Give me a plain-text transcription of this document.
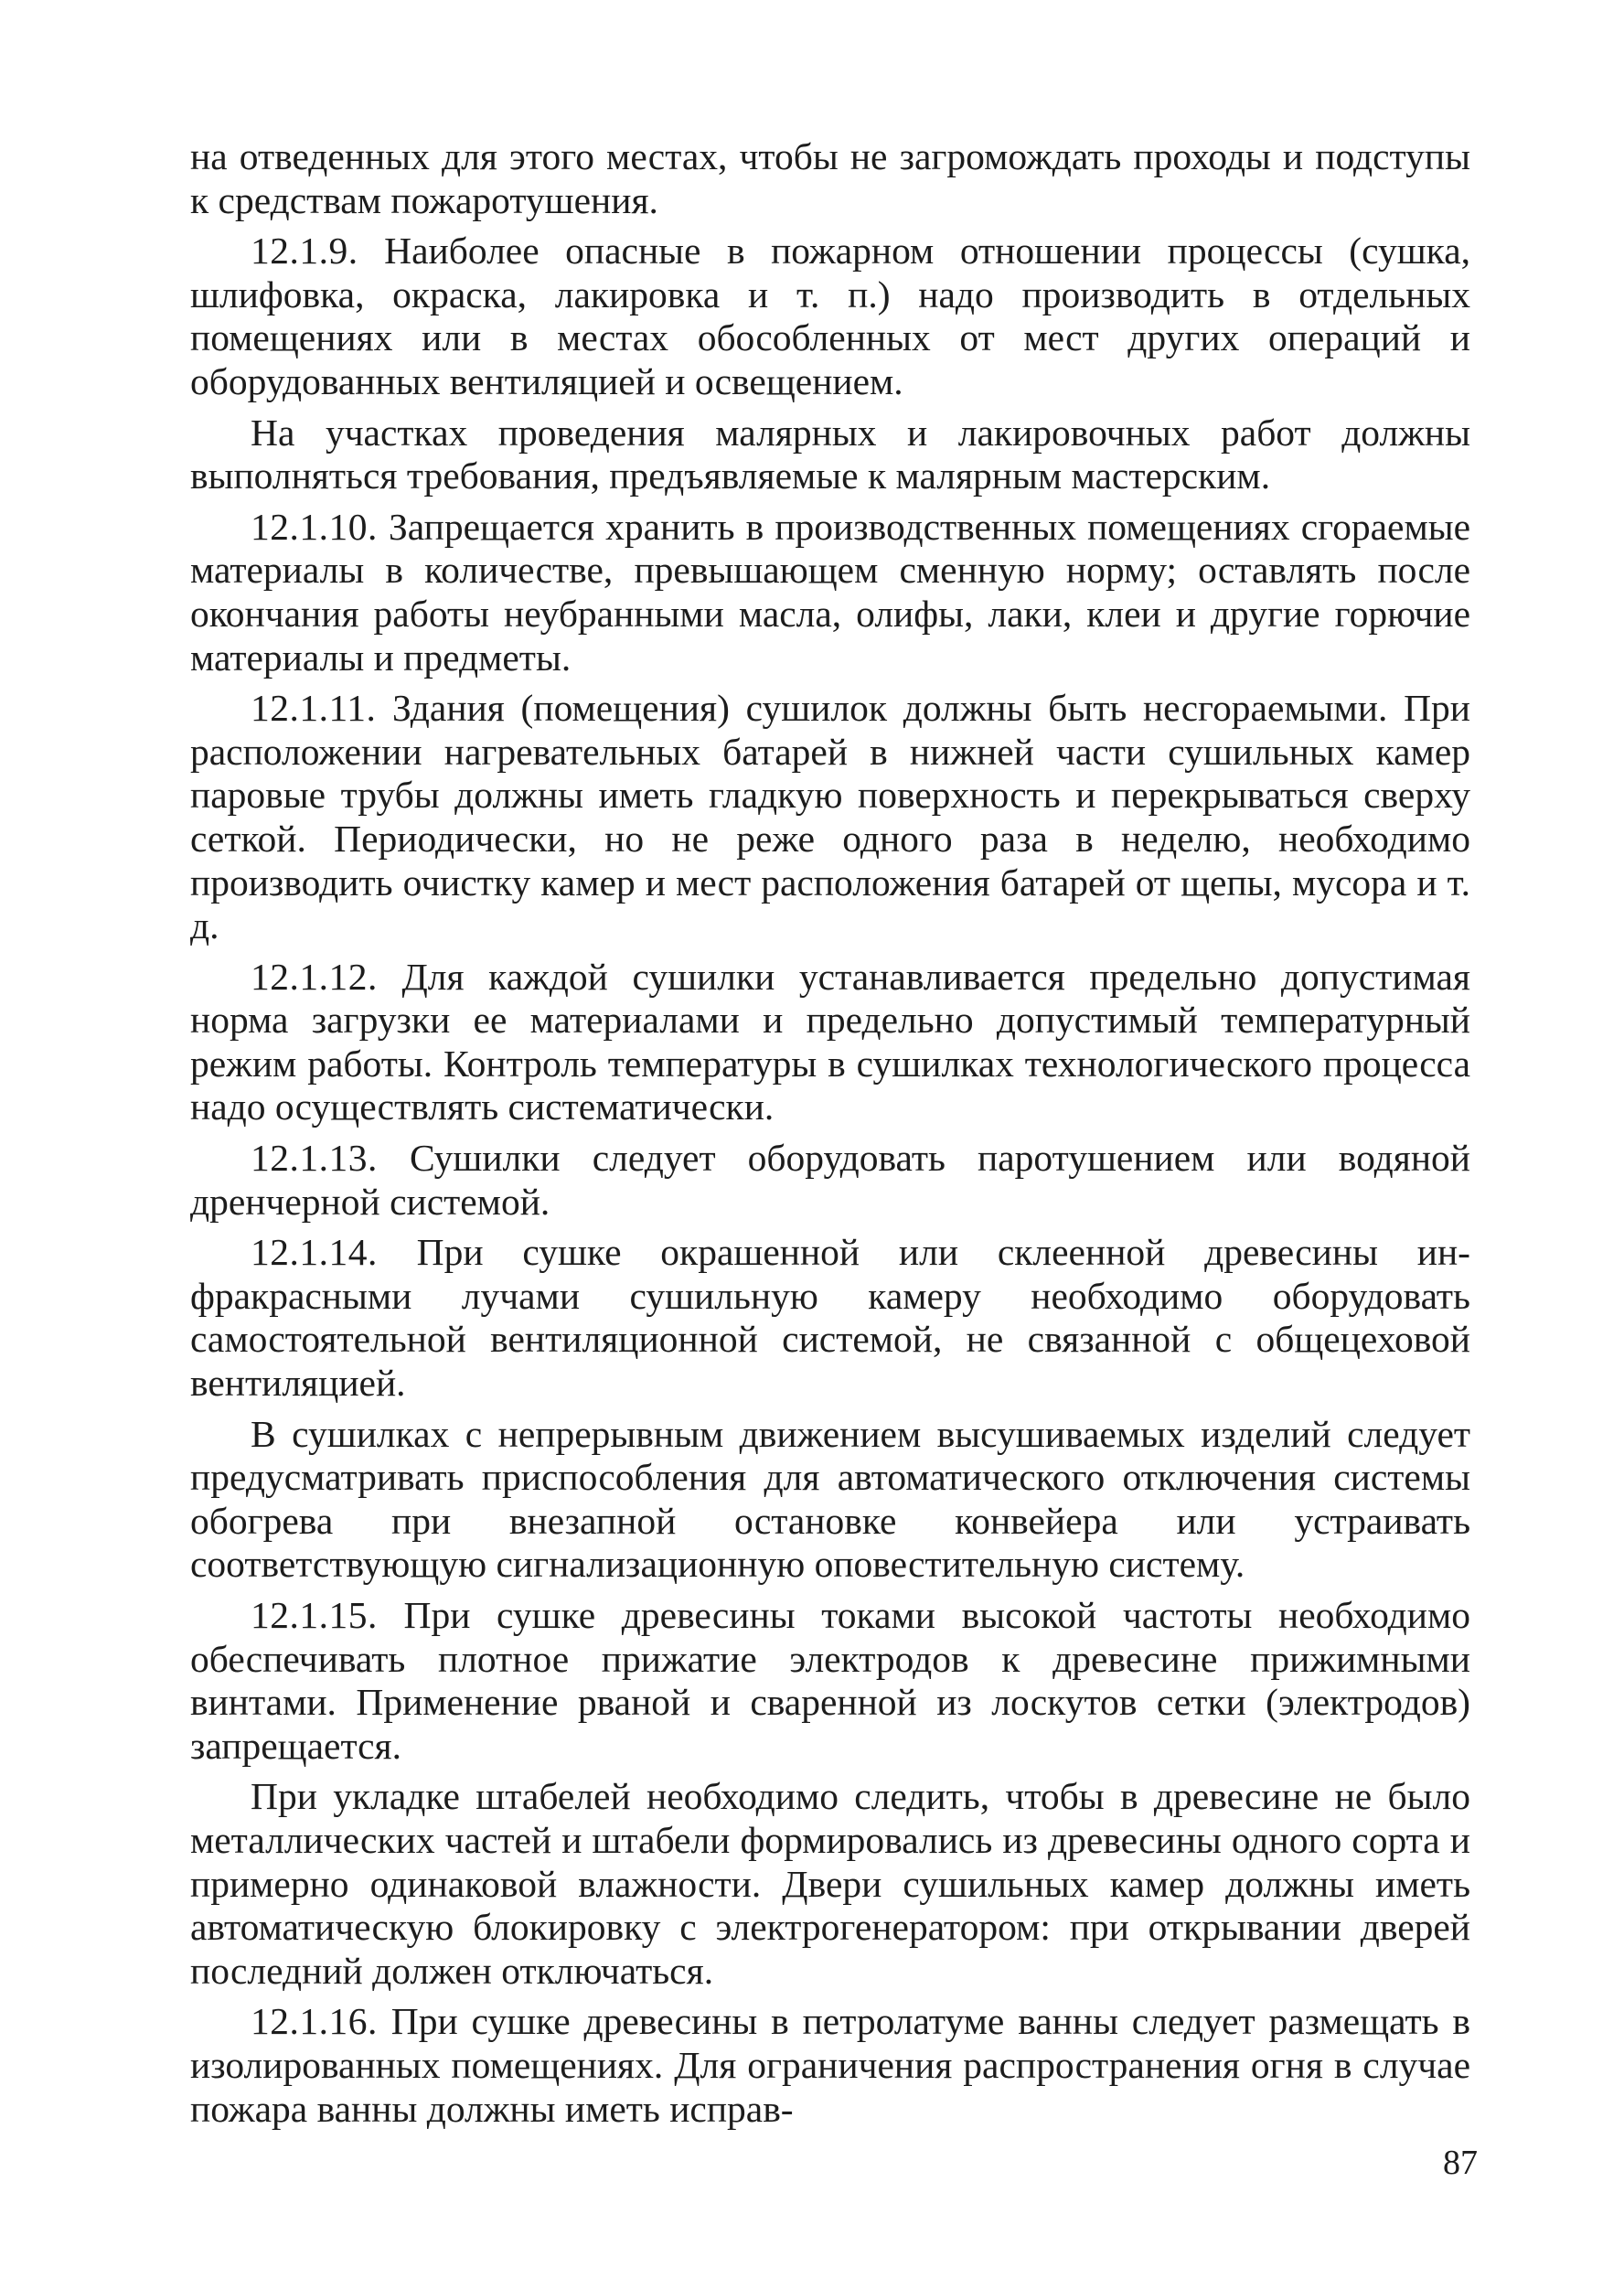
на отведенных для этого местах, чтобы не загромождать проходы и подступы к средствам пожаротушения.

12.1.9. Наиболее опасные в пожарном отношении процессы (сушка, шлифовка, окраска, лакировка и т. п.) надо производить в отдельных помещениях или в местах обособленных от мест других операций и оборудованных вентиляцией и освещением.

На участках проведения малярных и лакировочных работ должны выполняться требования, предъявляемые к малярным мастерским.

12.1.10. Запрещается хранить в производственных помещениях сгораемые материалы в количестве, превышающем сменную норму; оставлять после окончания работы неубранными масла, олифы, лаки, клеи и другие горючие материалы и предметы.

12.1.11. Здания (помещения) сушилок должны быть несгораемыми. При расположении нагревательных батарей в нижней части сушильных камер паровые трубы должны иметь гладкую поверхность и перекрываться сверху сеткой. Периодически, но не реже одного раза в неделю, необходимо производить очистку камер и мест расположения батарей от щепы, мусора и т. д.

12.1.12. Для каждой сушилки устанавливается предельно допустимая норма загрузки ее материалами и предельно допустимый температурный режим работы. Контроль температуры в сушилках технологического процесса надо осуществлять систематически.

12.1.13. Сушилки следует оборудовать паротушением или водяной дренчерной системой.

12.1.14. При сушке окрашенной или склеенной древесины инфракрасными лучами сушильную камеру необходимо оборудовать самостоятельной вентиляционной системой, не связанной с общецеховой вентиляцией.

В сушилках с непрерывным движением высушиваемых изделий следует предусматривать приспособления для автоматического отключения системы обогрева при внезапной остановке конвейера или устраивать соответствующую сигнализационную оповестительную систему.

12.1.15. При сушке древесины токами высокой частоты необходимо обеспечивать плотное прижатие электродов к древесине прижимными винтами. Применение рваной и сваренной из лоскутов сетки (электродов) запрещается.

При укладке штабелей необходимо следить, чтобы в древесине не было металлических частей и штабели формировались из древесины одного сорта и примерно одинаковой влажности. Двери сушильных камер должны иметь автоматическую блокировку с электрогенератором: при открывании дверей последний должен отключаться.

12.1.16. При сушке древесины в петролатуме ванны следует размещать в изолированных помещениях. Для ограничения распространения огня в случае пожара ванны должны иметь исправ-

87
